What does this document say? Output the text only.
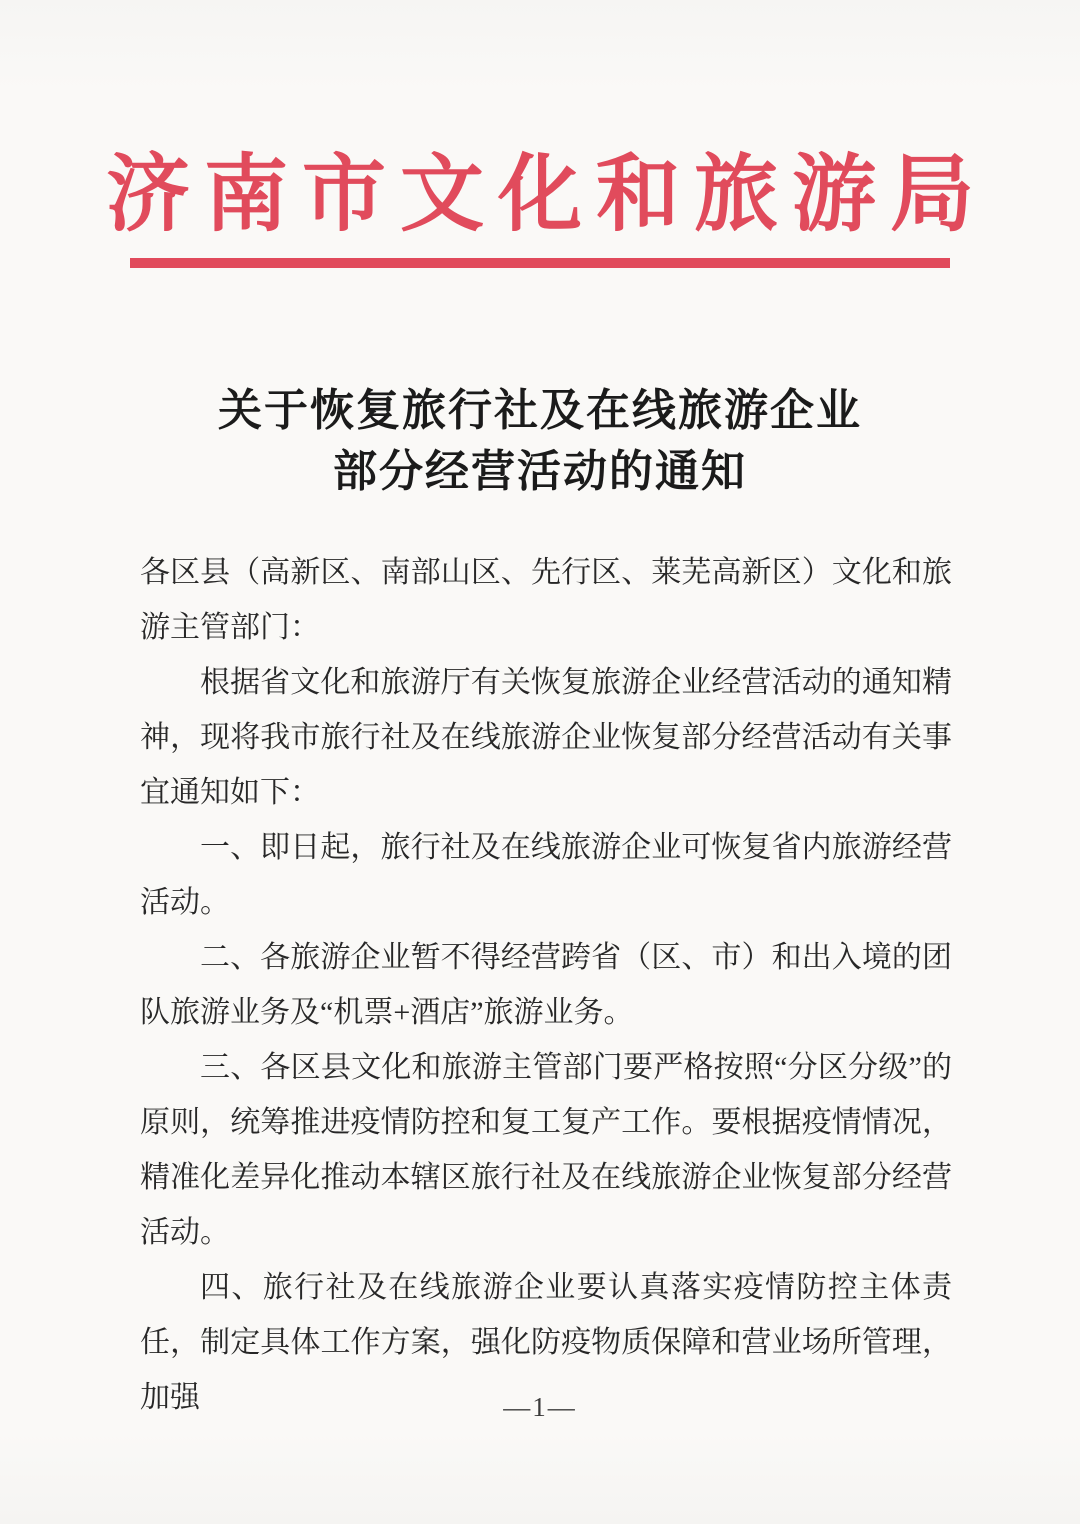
济南市文化和旅游局
关于恢复旅行社及在线旅游企业
部分经营活动的通知

各区县（高新区、南部山区、先行区、莱芜高新区）文化和旅游主管部门：

根据省文化和旅游厅有关恢复旅游企业经营活动的通知精神，现将我市旅行社及在线旅游企业恢复部分经营活动有关事宜通知如下：

一、即日起，旅行社及在线旅游企业可恢复省内旅游经营活动。

二、各旅游企业暂不得经营跨省（区、市）和出入境的团队旅游业务及“机票+酒店”旅游业务。

三、各区县文化和旅游主管部门要严格按照“分区分级”的原则，统筹推进疫情防控和复工复产工作。要根据疫情情况，精准化差异化推动本辖区旅行社及在线旅游企业恢复部分经营活动。

四、旅行社及在线旅游企业要认真落实疫情防控主体责任，制定具体工作方案，强化防疫物质保障和营业场所管理，加强	—1—
